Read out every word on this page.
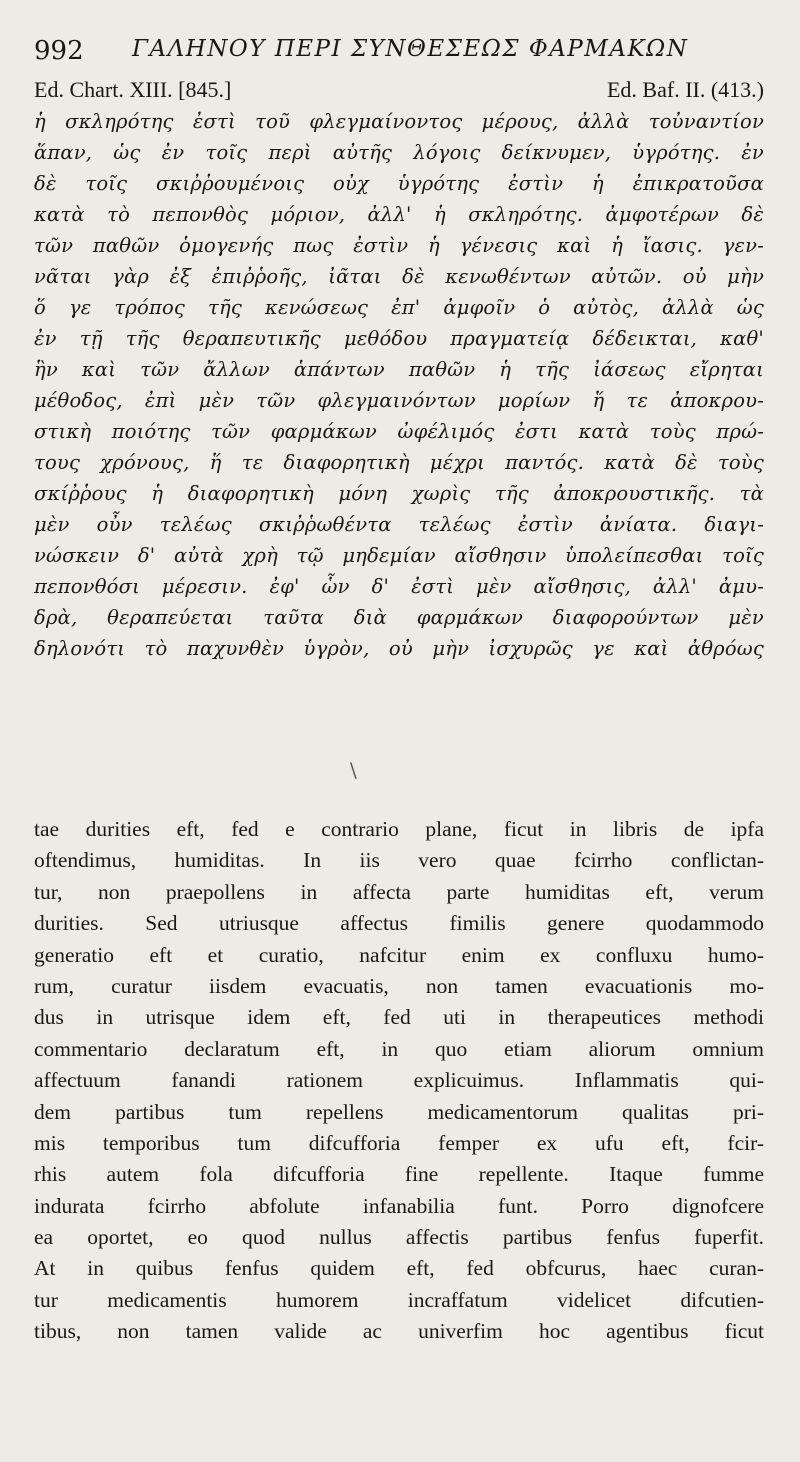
992 ΓΑΛΗΝΟΥ ΠΕΡΙ ΣΥΝΘΕΣΕΩΣ ΦΑΡΜΑΚΩΝ
Ed. Chart. XIII. [845.]	Ed. Baf. II. (413.)
ἡ σκληρότης ἐστὶ τοῦ φλεγμαίνοντος μέρους, ἀλλὰ τοὐναντίον
ἅπαν, ὡς ἐν τοῖς περὶ αὐτῆς λόγοις δείκνυμεν, ὑγρότης. ἐν
δὲ τοῖς σκιῤῥουμένοις οὐχ ὑγρότης ἐστὶν ἡ ἐπικρατοῦσα
κατὰ τὸ πεπονθὸς μόριον, ἀλλ' ἡ σκληρότης. ἀμφοτέρων δὲ
τῶν παθῶν ὁμογενής πως ἐστὶν ἡ γένεσις καὶ ἡ ἴασις. γεν-
νᾶται γὰρ ἐξ ἐπιῤῥοῆς, ἰᾶται δὲ κενωθέντων αὐτῶν. οὐ μὴν
ὅ γε τρόπος τῆς κενώσεως ἐπ' ἀμφοῖν ὁ αὐτὸς, ἀλλὰ ὡς
ἐν τῇ τῆς θεραπευτικῆς μεθόδου πραγματείᾳ δέδεικται, καθ'
ἣν καὶ τῶν ἄλλων ἁπάντων παθῶν ἡ τῆς ἰάσεως εἴρηται
μέθοδος, ἐπὶ μὲν τῶν φλεγμαινόντων μορίων ἥ τε ἀποκρου-
στικὴ ποιότης τῶν φαρμάκων ὠφέλιμός ἐστι κατὰ τοὺς πρώ-
τους χρόνους, ἥ τε διαφορητικὴ μέχρι παντός. κατὰ δὲ τοὺς
σκίῤῥους ἡ διαφορητικὴ μόνη χωρὶς τῆς ἀποκρουστικῆς. τὰ
μὲν οὖν τελέως σκιῤῥωθέντα τελέως ἐστὶν ἀνίατα. διαγι-
νώσκειν δ' αὐτὰ χρὴ τῷ μηδεμίαν αἴσθησιν ὑπολείπεσθαι τοῖς
πεπονθόσι μέρεσιν. ἐφ' ὧν δ' ἐστὶ μὲν αἴσθησις, ἀλλ' ἀμυ-
δρὰ, θεραπεύεται ταῦτα διὰ φαρμάκων διαφορούντων μὲν
δηλονότι τὸ παχυνθὲν ὑγρὸν, οὐ μὴν ἰσχυρῶς γε καὶ ἀθρόως
\
tae durities eft, fed e contrario plane, ficut in libris de ipfa
oftendimus, humiditas. In iis vero quae fcirrho conflictan-
tur, non praepollens in affecta parte humiditas eft, verum
durities. Sed utriusque affectus fimilis genere quodammodo
generatio eft et curatio, nafcitur enim ex confluxu humo-
rum, curatur iisdem evacuatis, non tamen evacuationis mo-
dus in utrisque idem eft, fed uti in therapeutices methodi
commentario declaratum eft, in quo etiam aliorum omnium
affectuum fanandi rationem explicuimus. Inflammatis qui-
dem partibus tum repellens medicamentorum qualitas pri-
mis temporibus tum difcufforia femper ex ufu eft, fcir-
rhis autem fola difcufforia fine repellente. Itaque fumme
indurata fcirrho abfolute infanabilia funt. Porro dignofcere
ea oportet, eo quod nullus affectis partibus fenfus fuperfit.
At in quibus fenfus quidem eft, fed obfcurus, haec curan-
tur medicamentis humorem incraffatum videlicet difcutien-
tibus, non tamen valide ac univerfim hoc agentibus ficut
